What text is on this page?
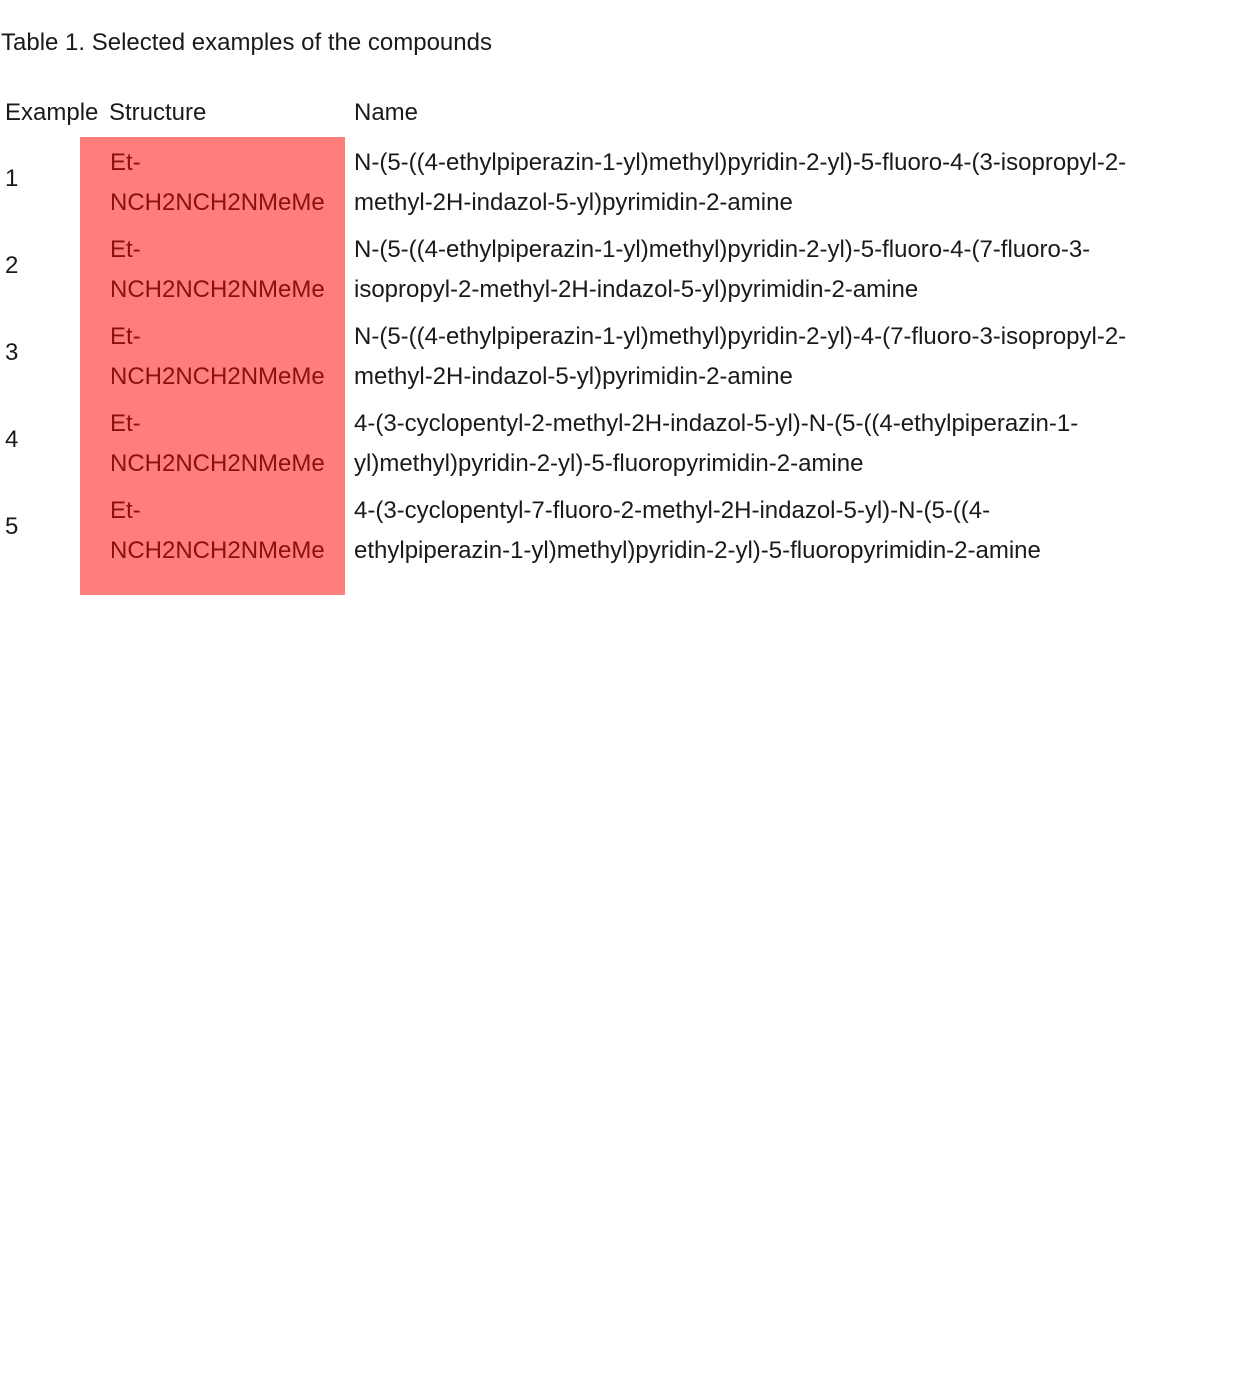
Table 1. Selected examples of the compounds
Example Structure	Name
1
Et-
NCH2NCH2NMeMe
N-(5-((4-ethylpiperazin-1-yl)methyl)pyridin-2-yl)-5-fluoro-4-(3-isopropyl-2-
methyl-2H-indazol-5-yl)pyrimidin-2-amine
2
Et-
NCH2NCH2NMeMe
N-(5-((4-ethylpiperazin-1-yl)methyl)pyridin-2-yl)-5-fluoro-4-(7-fluoro-3-
isopropyl-2-methyl-2H-indazol-5-yl)pyrimidin-2-amine
3
Et-
NCH2NCH2NMeMe
N-(5-((4-ethylpiperazin-1-yl)methyl)pyridin-2-yl)-4-(7-fluoro-3-isopropyl-2-
methyl-2H-indazol-5-yl)pyrimidin-2-amine
4
Et-
NCH2NCH2NMeMe
4-(3-cyclopentyl-2-methyl-2H-indazol-5-yl)-N-(5-((4-ethylpiperazin-1-
yl)methyl)pyridin-2-yl)-5-fluoropyrimidin-2-amine
5
Et-
NCH2NCH2NMeMe
4-(3-cyclopentyl-7-fluoro-2-methyl-2H-indazol-5-yl)-N-(5-((4-
ethylpiperazin-1-yl)methyl)pyridin-2-yl)-5-fluoropyrimidin-2-amine
